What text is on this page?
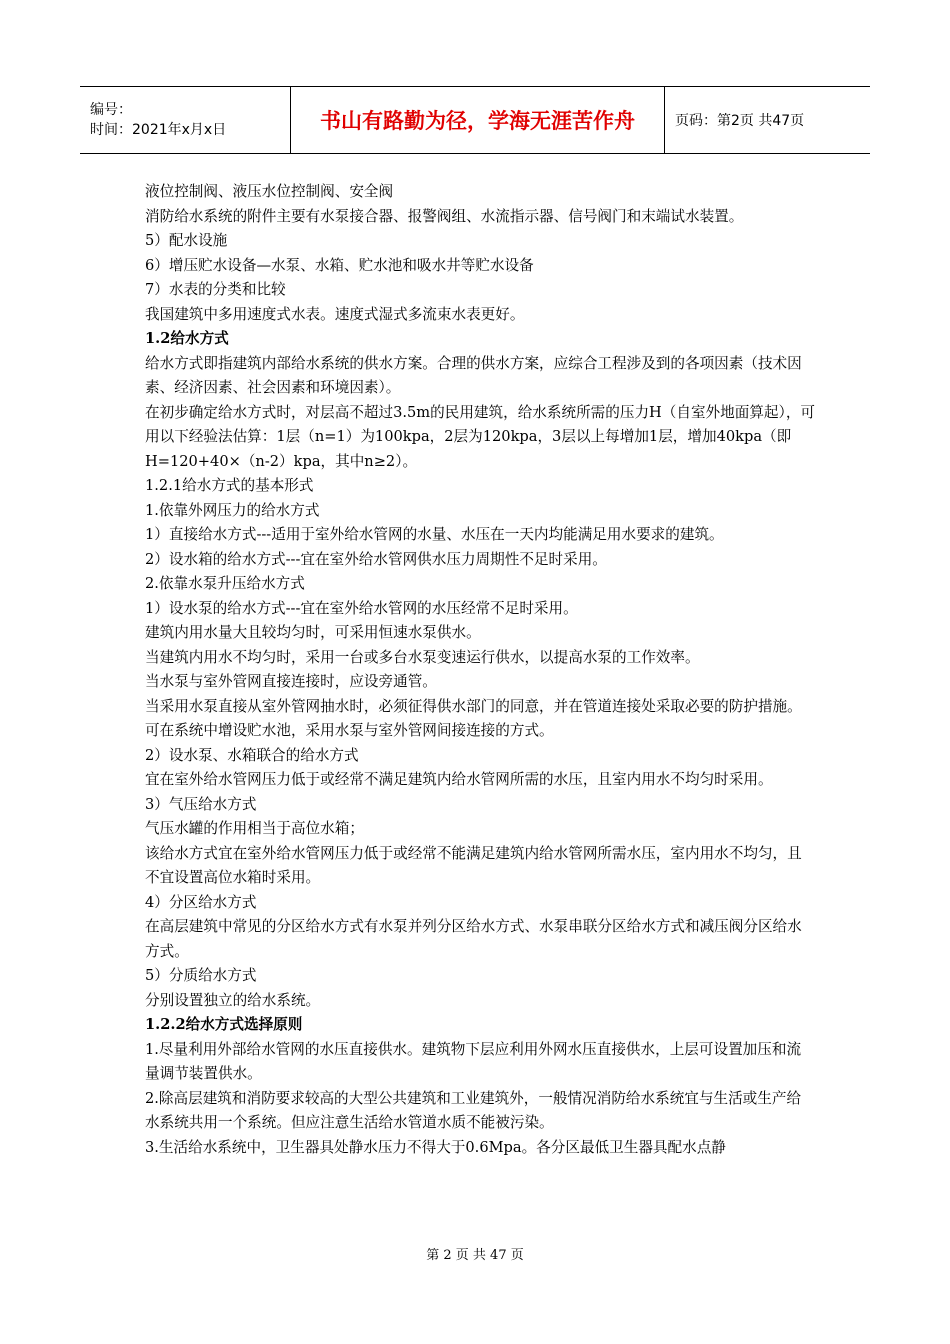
编号：
时间：2021年x月x日	书山有路勤为径，学海无涯苦作舟	页码：第2页 共47页

液位控制阀、液压水位控制阀、安全阀

消防给水系统的附件主要有水泵接合器、报警阀组、水流指示器、信号阀门和末端试水装置。

5）配水设施

6）增压贮水设备—水泵、水箱、贮水池和吸水井等贮水设备

7）水表的分类和比较

我国建筑中多用速度式水表。速度式湿式多流束水表更好。

1.2给水方式

给水方式即指建筑内部给水系统的供水方案。合理的供水方案，应综合工程涉及到的各项因素（技术因素、经济因素、社会因素和环境因素）。

在初步确定给水方式时，对层高不超过3.5m的民用建筑，给水系统所需的压力H（自室外地面算起），可用以下经验法估算：1层（n=1）为100kpa，2层为120kpa，3层以上每增加1层，增加40kpa（即H=120+40×（n-2）kpa，其中n≥2）。

1.2.1给水方式的基本形式

1.依靠外网压力的给水方式

1）直接给水方式---适用于室外给水管网的水量、水压在一天内均能满足用水要求的建筑。

2）设水箱的给水方式---宜在室外给水管网供水压力周期性不足时采用。

2.依靠水泵升压给水方式

1）设水泵的给水方式---宜在室外给水管网的水压经常不足时采用。

建筑内用水量大且较均匀时，可采用恒速水泵供水。

当建筑内用水不均匀时，采用一台或多台水泵变速运行供水，以提高水泵的工作效率。

当水泵与室外管网直接连接时，应设旁通管。

当采用水泵直接从室外管网抽水时，必须征得供水部门的同意，并在管道连接处采取必要的防护措施。可在系统中增设贮水池，采用水泵与室外管网间接连接的方式。

2）设水泵、水箱联合的给水方式

宜在室外给水管网压力低于或经常不满足建筑内给水管网所需的水压，且室内用水不均匀时采用。

3）气压给水方式

气压水罐的作用相当于高位水箱；

该给水方式宜在室外给水管网压力低于或经常不能满足建筑内给水管网所需水压，室内用水不均匀，且不宜设置高位水箱时采用。

4）分区给水方式

在高层建筑中常见的分区给水方式有水泵并列分区给水方式、水泵串联分区给水方式和减压阀分区给水方式。

5）分质给水方式

分别设置独立的给水系统。

1.2.2给水方式选择原则

1.尽量利用外部给水管网的水压直接供水。建筑物下层应利用外网水压直接供水，上层可设置加压和流量调节装置供水。

2.除高层建筑和消防要求较高的大型公共建筑和工业建筑外，一般情况消防给水系统宜与生活或生产给水系统共用一个系统。但应注意生活给水管道水质不能被污染。

3.生活给水系统中，卫生器具处静水压力不得大于0.6Mpa。各分区最低卫生器具配水点静

第 2 页 共 47 页
